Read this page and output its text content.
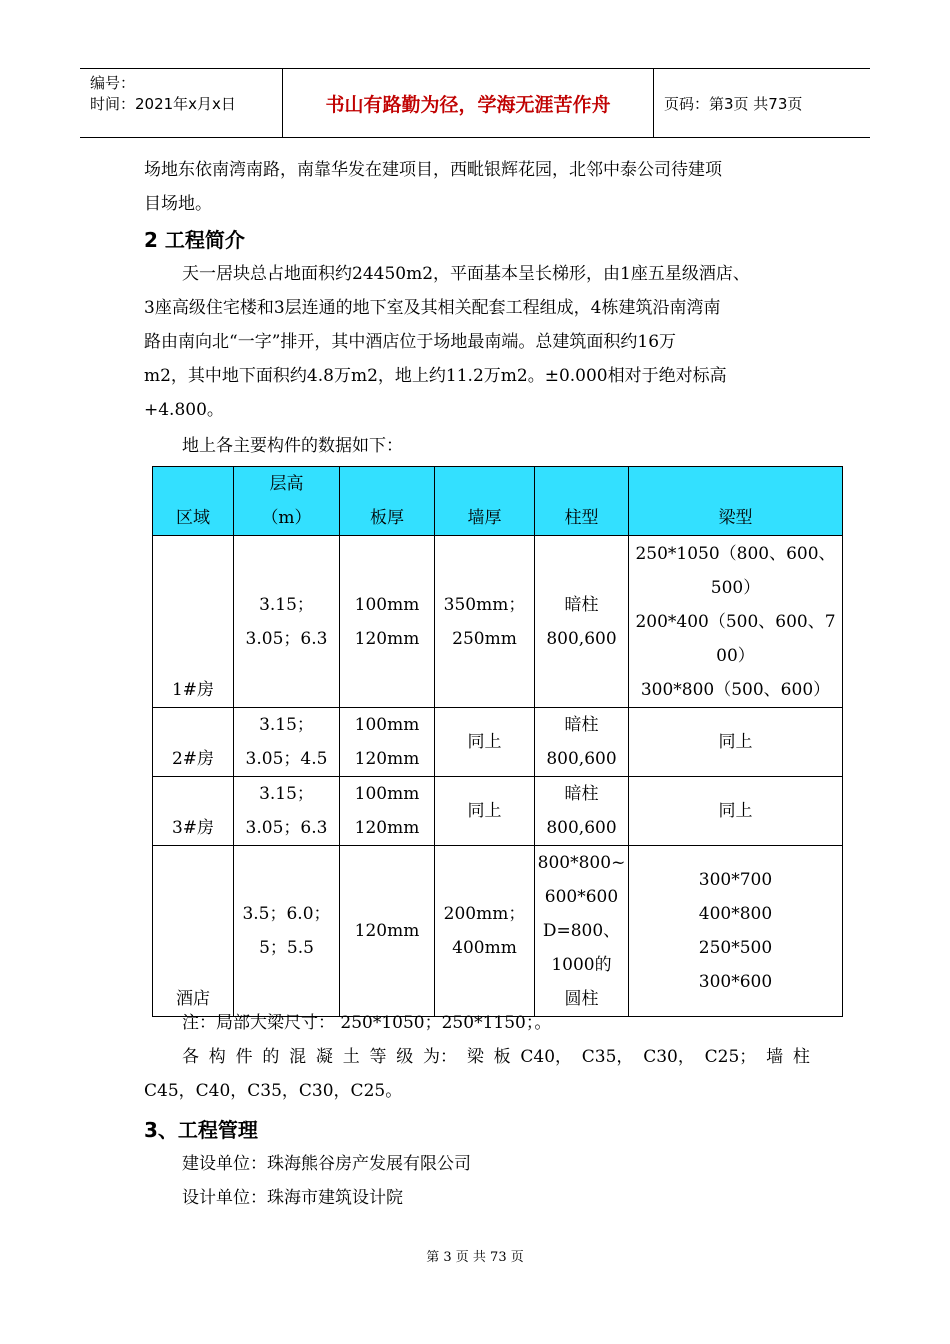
编号：
时间：2021年x月x日	书山有路勤为径，学海无涯苦作舟	页码：第3页 共73页
场地东依南湾南路，南靠华发在建项目，西毗银辉花园，北邻中泰公司待建项
目场地。
2 工程简介
天一居块总占地面积约24450m2，平面基本呈长梯形，由1座五星级酒店、
3座高级住宅楼和3层连通的地下室及其相关配套工程组成，4栋建筑沿南湾南
路由南向北“一字”排开，其中酒店位于场地最南端。总建筑面积约16万
m2，其中地下面积约4.8万m2，地上约11.2万m2。±0.000相对于绝对标高
+4.800。
地上各主要构件的数据如下：
区域	层高
（m）	板厚	墙厚	柱型	梁型
1#房	3.15；
3.05；6.3	100mm
120mm	350mm；
250mm	暗柱
800,600	250*1050（800、600、
500）
200*400（500、600、7
00）
300*800（500、600）

2#房	3.15；
3.05；4.5	100mm
120mm	同上	暗柱
800,600	同上
3#房	3.15；
3.05；6.3	100mm
120mm	同上	暗柱
800,600	同上
酒店	3.5；6.0；
5；5.5	120mm	200mm；
400mm	800*800~
600*600
D=800、
1000的
圆柱	300*700
400*800
250*500
300*600
注：局部大梁尺寸： 250*1050；250*1150；。
各 构 件 的 混 凝 土 等 级 为： 梁 板 C40， C35， C30， C25； 墙 柱
C45，C40，C35，C30，C25。
3、工程管理
建设单位：珠海熊谷房产发展有限公司
设计单位：珠海市建筑设计院
第 3 页 共 73 页
